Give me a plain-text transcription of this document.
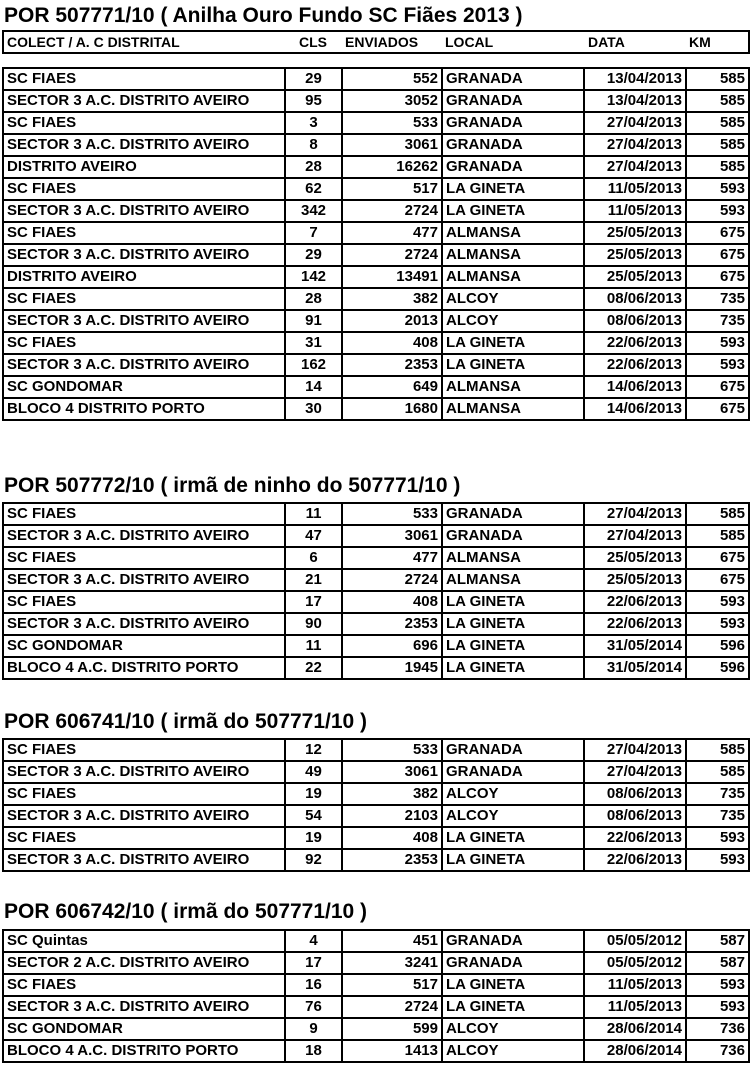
POR 507771/10 ( Anilha Ouro Fundo SC Fiães 2013 )
COLECT / A. C DISTRITAL	CLS	ENVIADOS	LOCAL	DATA	KM
SC FIAES	29	552	GRANADA	13/04/2013	585
SECTOR 3 A.C. DISTRITO AVEIRO	95	3052	GRANADA	13/04/2013	585
SC FIAES	3	533	GRANADA	27/04/2013	585
SECTOR 3 A.C. DISTRITO AVEIRO	8	3061	GRANADA	27/04/2013	585
DISTRITO AVEIRO	28	16262	GRANADA	27/04/2013	585
SC FIAES	62	517	LA GINETA	11/05/2013	593
SECTOR 3 A.C. DISTRITO AVEIRO	342	2724	LA GINETA	11/05/2013	593
SC FIAES	7	477	ALMANSA	25/05/2013	675
SECTOR 3 A.C. DISTRITO AVEIRO	29	2724	ALMANSA	25/05/2013	675
DISTRITO AVEIRO	142	13491	ALMANSA	25/05/2013	675
SC FIAES	28	382	ALCOY	08/06/2013	735
SECTOR 3 A.C. DISTRITO AVEIRO	91	2013	ALCOY	08/06/2013	735
SC FIAES	31	408	LA GINETA	22/06/2013	593
SECTOR 3 A.C. DISTRITO AVEIRO	162	2353	LA GINETA	22/06/2013	593
SC GONDOMAR	14	649	ALMANSA	14/06/2013	675
BLOCO 4 DISTRITO PORTO	30	1680	ALMANSA	14/06/2013	675
POR 507772/10 ( irmã de ninho do 507771/10 )
SC FIAES	11	533	GRANADA	27/04/2013	585
SECTOR 3 A.C. DISTRITO AVEIRO	47	3061	GRANADA	27/04/2013	585
SC FIAES	6	477	ALMANSA	25/05/2013	675
SECTOR 3 A.C. DISTRITO AVEIRO	21	2724	ALMANSA	25/05/2013	675
SC FIAES	17	408	LA GINETA	22/06/2013	593
SECTOR 3 A.C. DISTRITO AVEIRO	90	2353	LA GINETA	22/06/2013	593
SC GONDOMAR	11	696	LA GINETA	31/05/2014	596
BLOCO 4 A.C. DISTRITO PORTO	22	1945	LA GINETA	31/05/2014	596
POR 606741/10 ( irmã do 507771/10 )
SC FIAES	12	533	GRANADA	27/04/2013	585
SECTOR 3 A.C. DISTRITO AVEIRO	49	3061	GRANADA	27/04/2013	585
SC FIAES	19	382	ALCOY	08/06/2013	735
SECTOR 3 A.C. DISTRITO AVEIRO	54	2103	ALCOY	08/06/2013	735
SC FIAES	19	408	LA GINETA	22/06/2013	593
SECTOR 3 A.C. DISTRITO AVEIRO	92	2353	LA GINETA	22/06/2013	593
POR 606742/10 ( irmã do 507771/10 )
SC Quintas	4	451	GRANADA	05/05/2012	587
SECTOR 2 A.C. DISTRITO AVEIRO	17	3241	GRANADA	05/05/2012	587
SC FIAES	16	517	LA GINETA	11/05/2013	593
SECTOR 3 A.C. DISTRITO AVEIRO	76	2724	LA GINETA	11/05/2013	593
SC GONDOMAR	9	599	ALCOY	28/06/2014	736
BLOCO 4 A.C. DISTRITO PORTO	18	1413	ALCOY	28/06/2014	736
